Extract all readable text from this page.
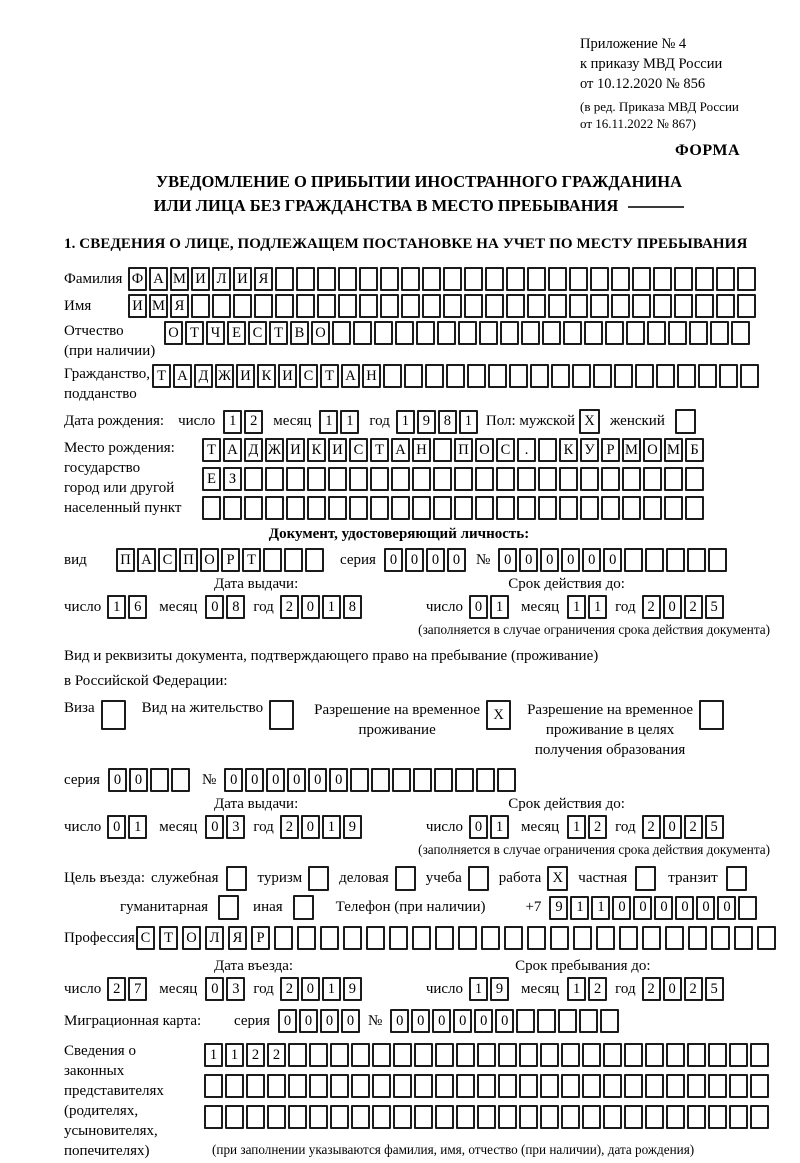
Приложение № 4
к приказу МВД России
от 10.12.2020 № 856
(в ред. Приказа МВД России
от 16.11.2022 № 867)
ФОРМА
УВЕДОМЛЕНИЕ О ПРИБЫТИИ ИНОСТРАННОГО ГРАЖДАНИНА
ИЛИ ЛИЦА БЕЗ ГРАЖДАНСТВА В МЕСТО ПРЕБЫВАНИЯ
1. СВЕДЕНИЯ О ЛИЦЕ, ПОДЛЕЖАЩЕМ ПОСТАНОВКЕ НА УЧЕТ ПО МЕСТУ ПРЕБЫВАНИЯ
Фамилия Ф А М И Л И Я
Имя	И М Я
Отчество
(при наличии)
О Т Ч Е С Т В О
Гражданство,
подданство
Т А Д Ж И К И С Т А Н
Дата рождения: число 1 2	месяц 1 1	год 1 9 8 1 Пол: мужской X	женский
Место рождения:
государство
город или другой
населенный пункт
Т А Д Ж И К И С Т А Н П О С .	К У Р М О М Б
Е З
Документ, удостоверяющий личность:
вид	П А С П О Р Т	серия 0 0 0 0	№ 0 0 0 0 0 0
Дата выдачи:	Срок действия до:
число 1 6	месяц 0 8 год 2 0 1 8	число 0 1	месяц 1 1 год 2 0 2 5
(заполняется в случае ограничения срока действия документа)
Вид и реквизиты документа, подтверждающего право на пребывание (проживание)
в Российской Федерации:
Виза	Вид на жительство	Разрешение на временное
проживание
X	Разрешение на временное
проживание в целях
получения образования
серия 0 0	№ 0 0 0 0 0 0
Дата выдачи:	Срок действия до:
число 0 1	месяц 0 3 год 2 0 1 9	число 0 1	месяц 1 2 год 2 0 2 5
(заполняется в случае ограничения срока действия документа)
Цель въезда: служебная	туризм деловая учеба работа X	частная	транзит
гуманитарная	иная	Телефон (при наличии)	+7 9 1 1 0 0 0 0 0 0
Профессия С Т О Л Я Р
Дата въезда:	Срок пребывания до:
число 2 7	месяц 0 3 год 2 0 1 9	число 1 9	месяц 1 2 год 2 0 2 5
Миграционная карта:	серия 0 0 0 0 № 0 0 0 0 0 0
Сведения о
законных
представителях
(родителях,
усыновителях,
попечителях)
1 1 2 2
(при заполнении указываются фамилия, имя, отчество (при наличии), дата рождения)
